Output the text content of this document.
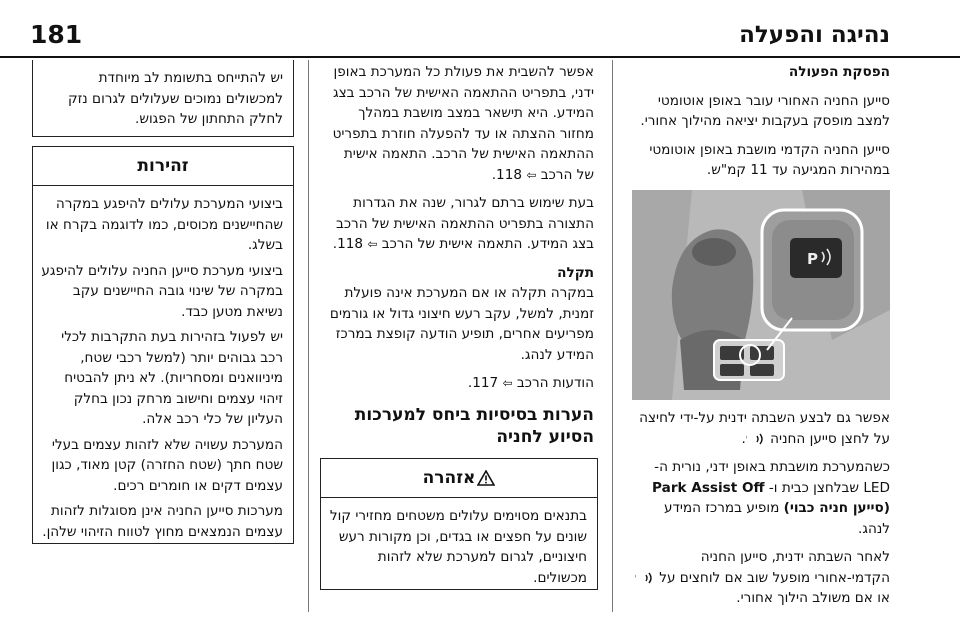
181	נהיגה והפעלה

הפסקת הפעולה

סייען החניה האחורי עובר באופן אוטומטי למצב מופסק בעקבות יציאה מהילוך אחורי.

סייען החניה הקדמי מושבת באופן אוטומטי במהירות המגיעה עד 11 קמ"ש.

P

אפשר גם לבצע השבתה ידנית על-ידי לחיצה על לחצן סייען החניה
.

כשהמערכת מושבתת באופן ידני, נורית ה-LED שבלחצן כבית ו- Park Assist Off (סייען חניה כבוי) מופיע במרכז המידע לנהג.

לאחר השבתה ידנית, סייען החניה הקדמי-אחורי מופעל שוב אם לוחצים על
או אם משולב הילוך אחורי.

אפשר להשבית את פעולת כל המערכת באופן ידני, בתפריט ההתאמה האישית של הרכב בצג המידע. היא תישאר במצב מושבת במהלך מחזור ההצתה או עד להפעלה חוזרת בתפריט ההתאמה האישית של הרכב. התאמה אישית של הרכב ⇦ 118.

בעת שימוש ברתם לגרור, שנה את הגדרות התצורה בתפריט ההתאמה האישית של הרכב בצג המידע. התאמה אישית של הרכב ⇦ 118.

תקלה

במקרה תקלה או אם המערכת אינה פועלת זמנית, למשל, עקב רעש חיצוני גדול או גורמים מפריעים אחרים, תופיע הודעה קופצת במרכז המידע לנהג.

הודעות הרכב ⇦ 117.

הערות בסיסיות ביחס למערכות
הסיוע לחניה
אזהרה

בתנאים מסוימים עלולים משטחים מחזירי קול שונים על חפצים או בגדים, וכן מקורות רעש חיצוניים, לגרום למערכת שלא לזהות מכשולים.

יש להתייחס בתשומת לב מיוחדת למכשולים נמוכים שעלולים לגרום נזק לחלק התחתון של הפגוש.

זהירות

ביצועי המערכת עלולים להיפגע במקרה שהחיישנים מכוסים, כמו לדוגמה בקרח או בשלג.

ביצועי מערכת סייען החניה עלולים להיפגע במקרה של שינוי גובה החיישנים עקב נשיאת מטען כבד.

יש לפעול בזהירות בעת התקרבות לכלי רכב גבוהים יותר (למשל רכבי שטח, מיניוואנים ומסחריות). לא ניתן להבטיח זיהוי עצמים וחישוב מרחק נכון בחלק העליון של כלי רכב אלה.

המערכת עשויה שלא לזהות עצמים בעלי שטח חתך (שטח החזרה) קטן מאוד, כגון עצמים דקים או חומרים רכים.

מערכות סייען החניה אינן מסוגלות לזהות עצמים הנמצאים מחוץ לטווח הזיהוי שלהן.
